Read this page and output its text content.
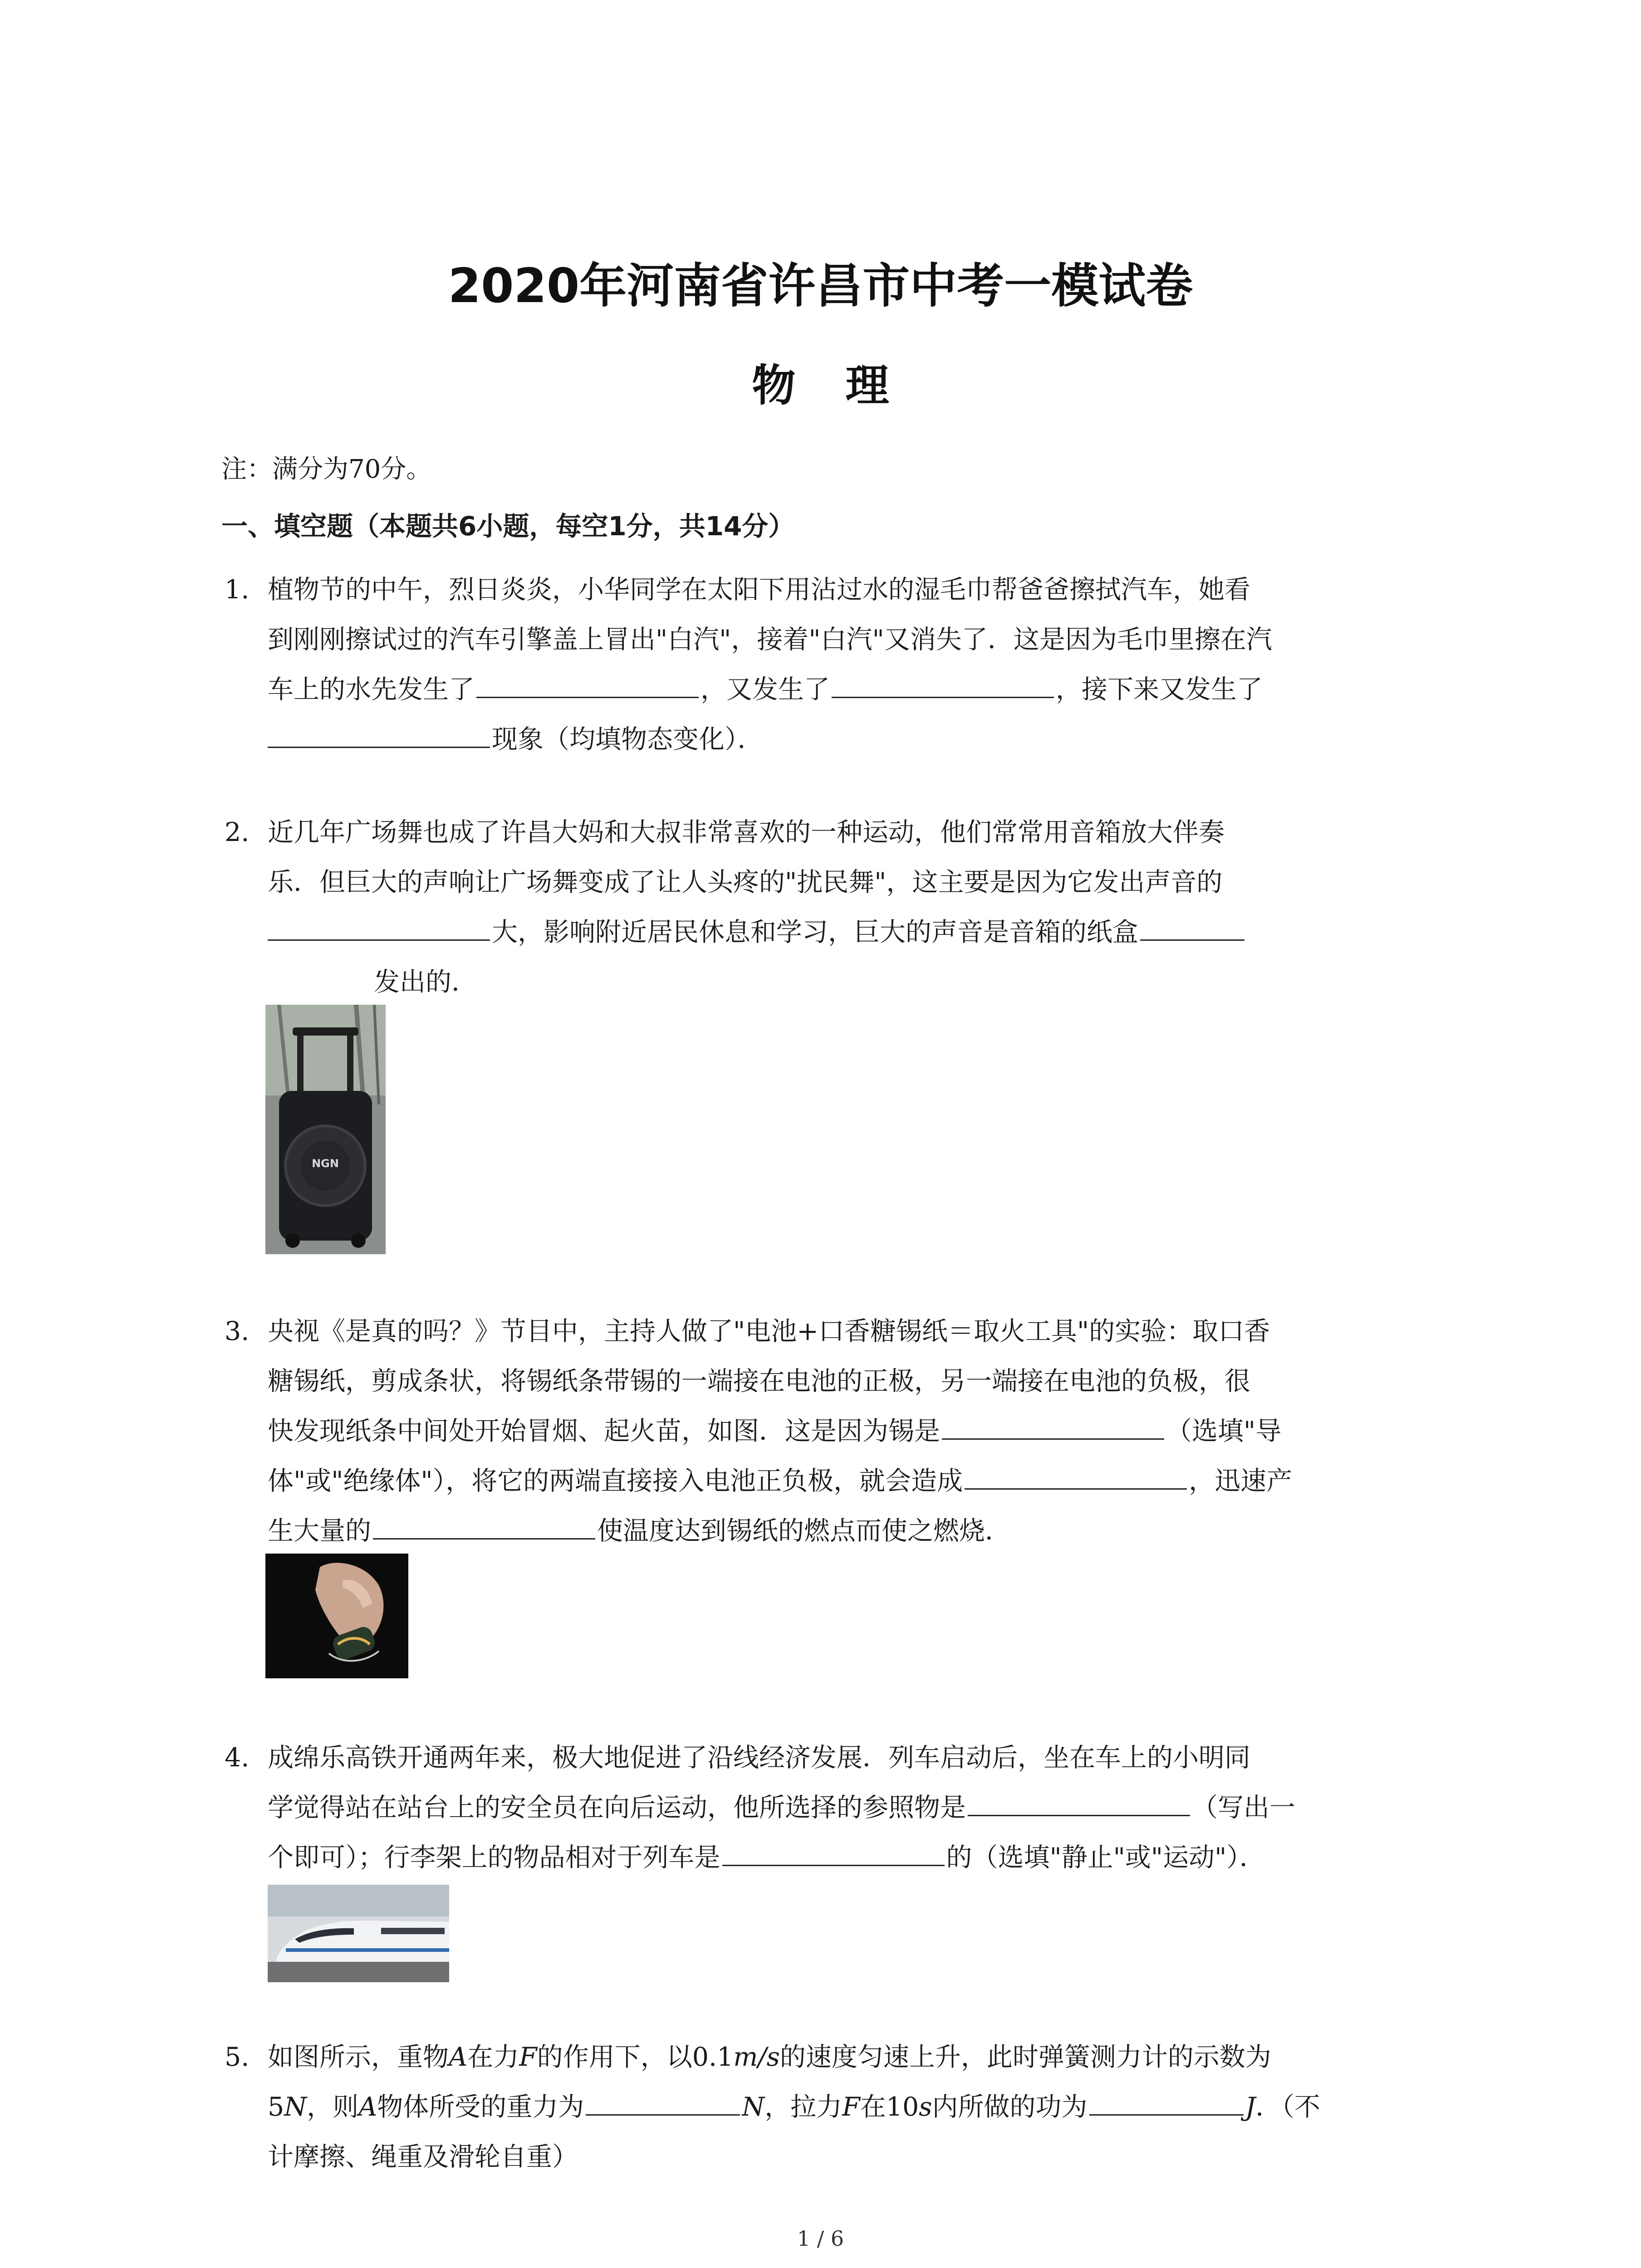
2020年河南省许昌市中考一模试卷
物理
注：满分为70分。
一、填空题（本题共6小题，每空1分，共14分）
1. 植物节的中午，烈日炎炎，小华同学在太阳下用沾过水的湿毛巾帮爸爸擦拭汽车，她看
到刚刚擦试过的汽车引擎盖上冒出"白汽"，接着"白汽"又消失了．这是因为毛巾里擦在汽
车上的水先发生了	，又发生了	，接下来又发生了
现象（均填物态变化）．
2. 近几年广场舞也成了许昌大妈和大叔非常喜欢的一种运动，他们常常用音箱放大伴奏
乐．但巨大的声响让广场舞变成了让人头疼的"扰民舞"，这主要是因为它发出声音的
大，影响附近居民休息和学习，巨大的声音是音箱的纸盒
发出的．
NGN
3. 央视《是真的吗？》节目中，主持人做了"电池+口香糖锡纸＝取火工具"的实验：取口香
糖锡纸，剪成条状，将锡纸条带锡的一端接在电池的正极，另一端接在电池的负极，很
快发现纸条中间处开始冒烟、起火苗，如图．这是因为锡是	（选填"导
体"或"绝缘体"），将它的两端直接接入电池正负极，就会造成	，迅速产
生大量的	使温度达到锡纸的燃点而使之燃烧．
4. 成绵乐高铁开通两年来，极大地促进了沿线经济发展．列车启动后，坐在车上的小明同
学觉得站在站台上的安全员在向后运动，他所选择的参照物是	（写出一
个即可）；行李架上的物品相对于列车是	的（选填"静止"或"运动"）．
5. 如图所示，重物A在力F的作用下，以0.1m/s的速度匀速上升，此时弹簧测力计的示数为
5N，则A物体所受的重力为	N，拉力F在10s内所做的功为	J．（不
计摩擦、绳重及滑轮自重）
1 / 6
